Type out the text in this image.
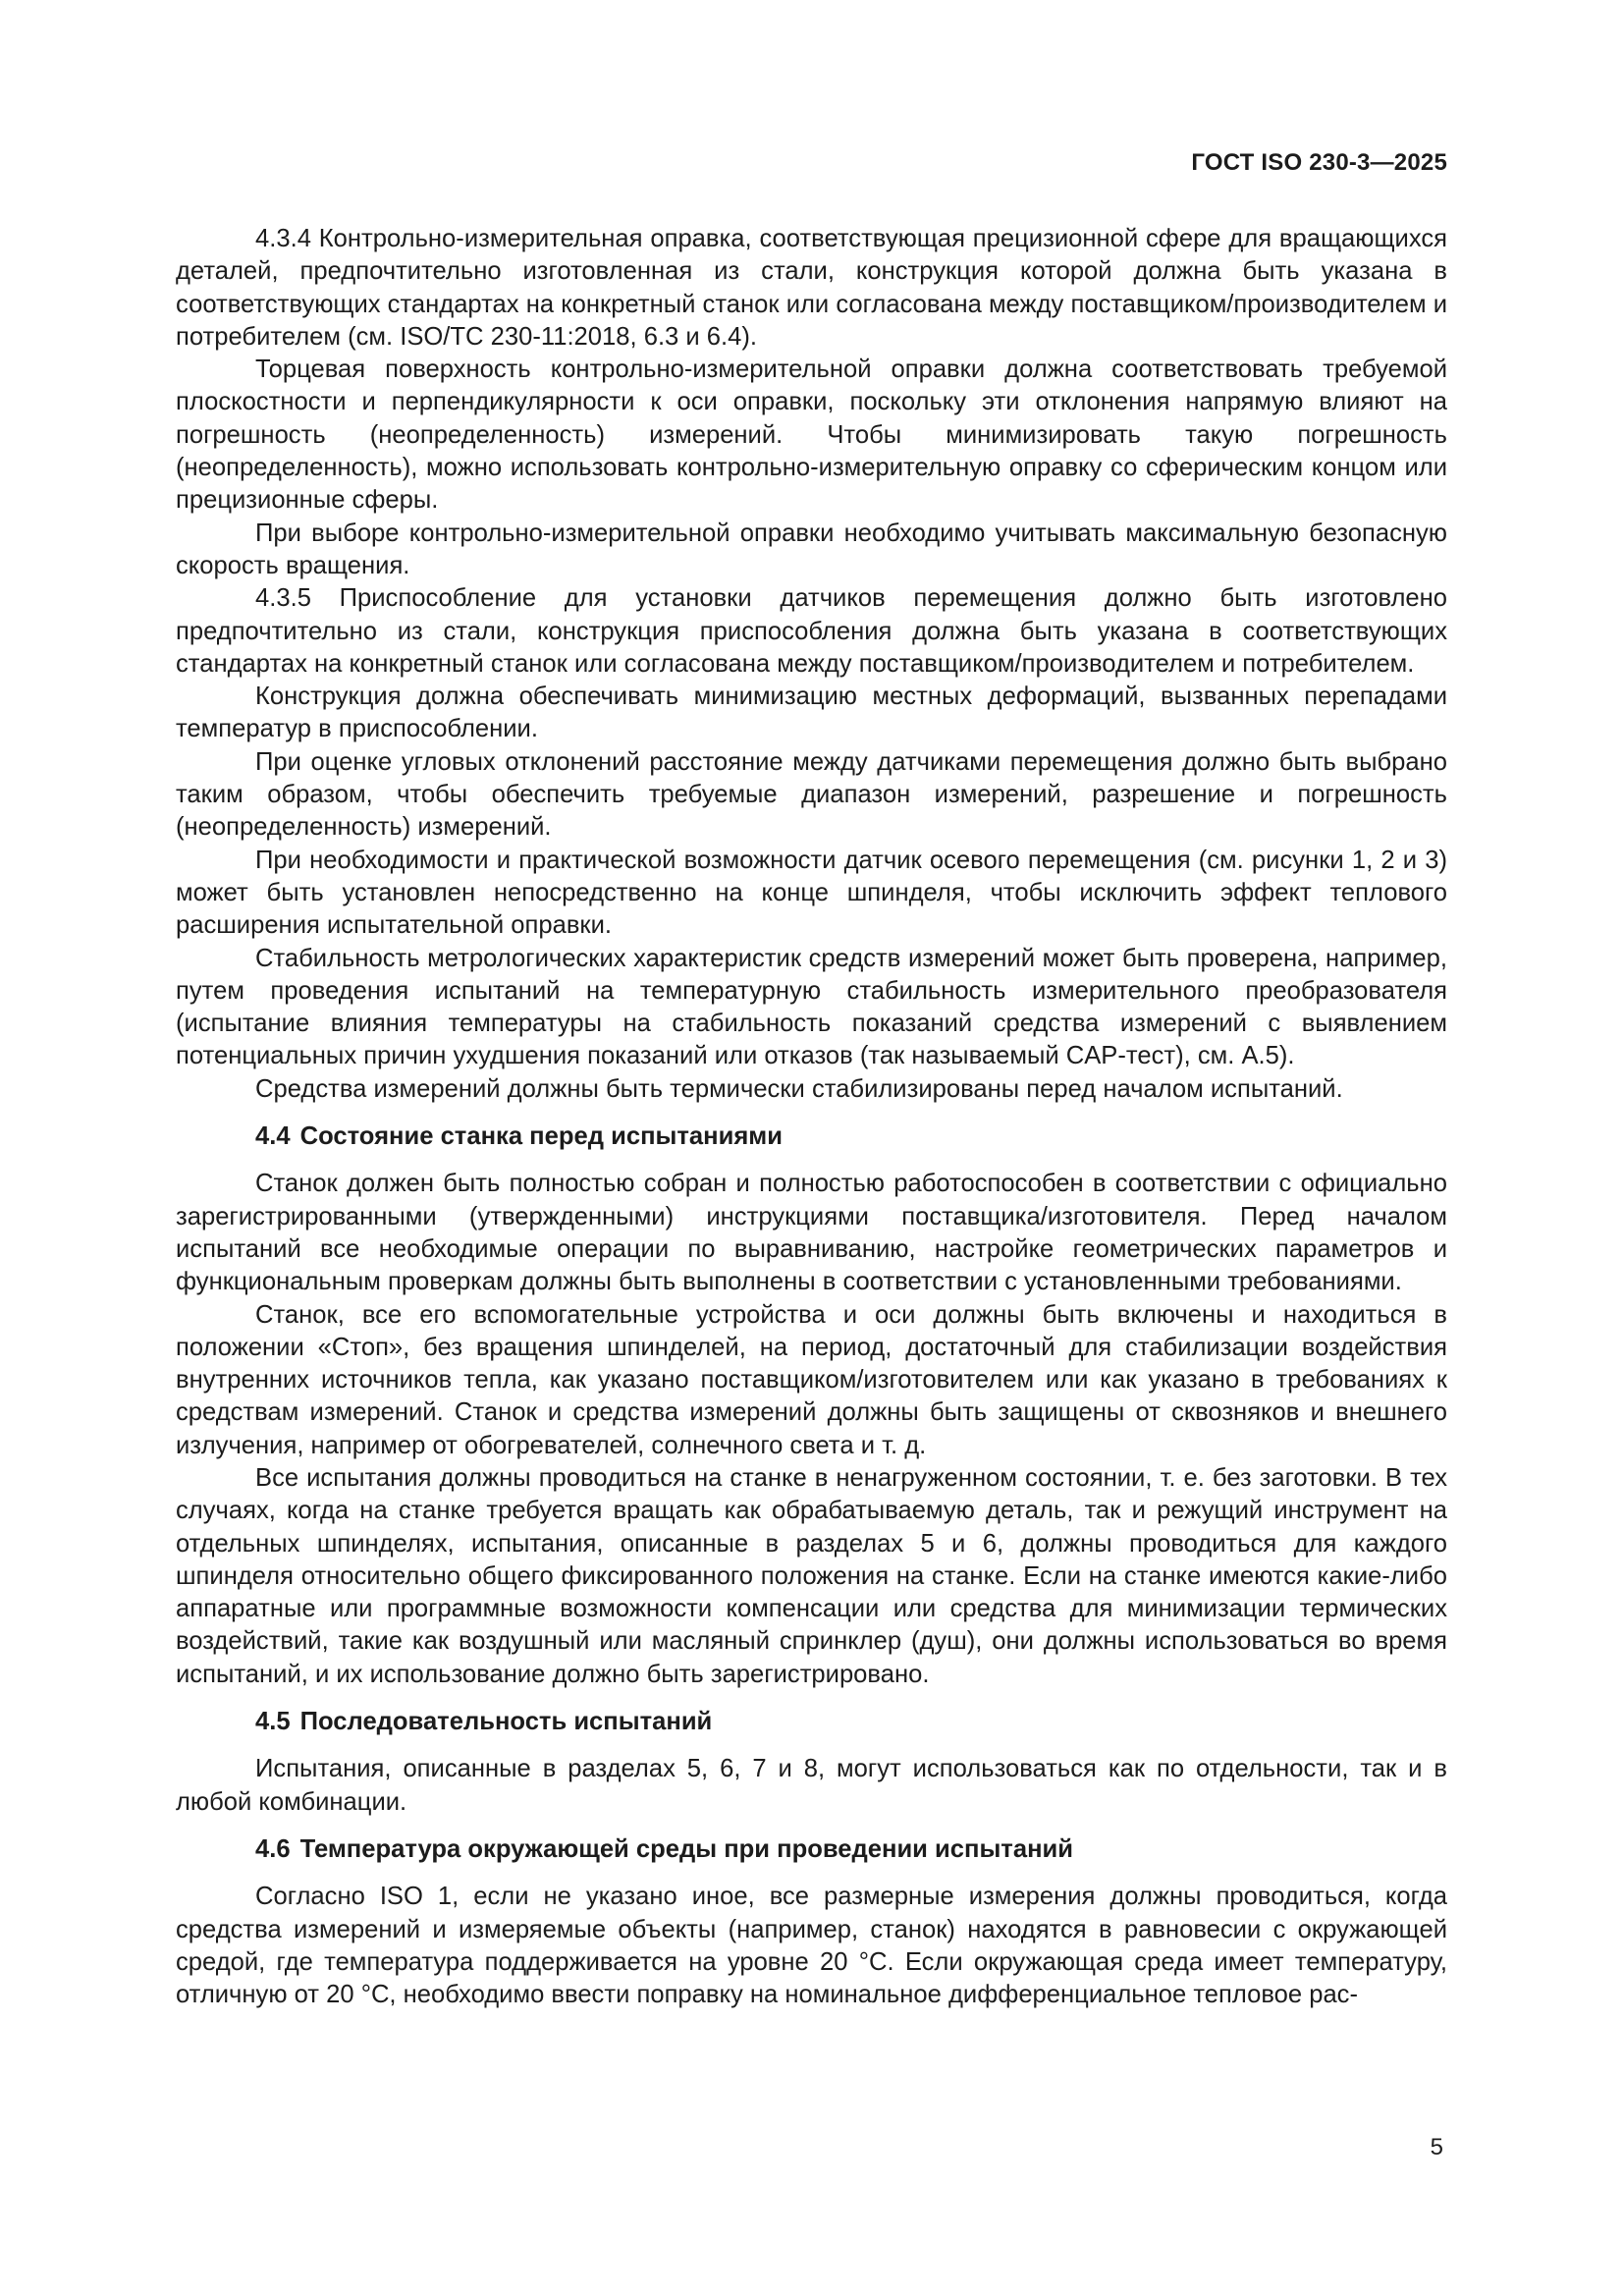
ГОСТ ISO 230-3—2025

4.3.4 Контрольно-измерительная оправка, соответствующая прецизионной сфере для вращающихся деталей, предпочтительно изготовленная из стали, конструкция которой должна быть указана в соответствующих стандартах на конкретный станок или согласована между поставщиком/производителем и потребителем (см. ISO/TC 230-11:2018, 6.3 и 6.4).

Торцевая поверхность контрольно-измерительной оправки должна соответствовать требуемой плоскостности и перпендикулярности к оси оправки, поскольку эти отклонения напрямую влияют на погрешность (неопределенность) измерений. Чтобы минимизировать такую погрешность (неопределенность), можно использовать контрольно-измерительную оправку со сферическим концом или прецизионные сферы.

При выборе контрольно-измерительной оправки необходимо учитывать максимальную безопасную скорость вращения.

4.3.5 Приспособление для установки датчиков перемещения должно быть изготовлено предпочтительно из стали, конструкция приспособления должна быть указана в соответствующих стандартах на конкретный станок или согласована между поставщиком/производителем и потребителем.

Конструкция должна обеспечивать минимизацию местных деформаций, вызванных перепадами температур в приспособлении.

При оценке угловых отклонений расстояние между датчиками перемещения должно быть выбрано таким образом, чтобы обеспечить требуемые диапазон измерений, разрешение и погрешность (неопределенность) измерений.

При необходимости и практической возможности датчик осевого перемещения (см. рисунки 1, 2 и 3) может быть установлен непосредственно на конце шпинделя, чтобы исключить эффект теплового расширения испытательной оправки.

Стабильность метрологических характеристик средств измерений может быть проверена, например, путем проведения испытаний на температурную стабильность измерительного преобразователя (испытание влияния температуры на стабильность показаний средства измерений с выявлением потенциальных причин ухудшения показаний или отказов (так называемый CAP-тест), см. А.5).

Средства измерений должны быть термически стабилизированы перед началом испытаний.

4.4 Состояние станка перед испытаниями

Станок должен быть полностью собран и полностью работоспособен в соответствии с официально зарегистрированными (утвержденными) инструкциями поставщика/изготовителя. Перед началом испытаний все необходимые операции по выравниванию, настройке геометрических параметров и функциональным проверкам должны быть выполнены в соответствии с установленными требованиями.

Станок, все его вспомогательные устройства и оси должны быть включены и находиться в положении «Стоп», без вращения шпинделей, на период, достаточный для стабилизации воздействия внутренних источников тепла, как указано поставщиком/изготовителем или как указано в требованиях к средствам измерений. Станок и средства измерений должны быть защищены от сквозняков и внешнего излучения, например от обогревателей, солнечного света и т. д.

Все испытания должны проводиться на станке в ненагруженном состоянии, т. е. без заготовки. В тех случаях, когда на станке требуется вращать как обрабатываемую деталь, так и режущий инструмент на отдельных шпинделях, испытания, описанные в разделах 5 и 6, должны проводиться для каждого шпинделя относительно общего фиксированного положения на станке. Если на станке имеются какие-либо аппаратные или программные возможности компенсации или средства для минимизации термических воздействий, такие как воздушный или масляный спринклер (душ), они должны использоваться во время испытаний, и их использование должно быть зарегистрировано.

4.5 Последовательность испытаний

Испытания, описанные в разделах 5, 6, 7 и 8, могут использоваться как по отдельности, так и в любой комбинации.

4.6 Температура окружающей среды при проведении испытаний

Согласно ISO 1, если не указано иное, все размерные измерения должны проводиться, когда средства измерений и измеряемые объекты (например, станок) находятся в равновесии с окружающей средой, где температура поддерживается на уровне 20 °С. Если окружающая среда имеет температуру, отличную от 20 °С, необходимо ввести поправку на номинальное дифференциальное тепловое рас-

5
